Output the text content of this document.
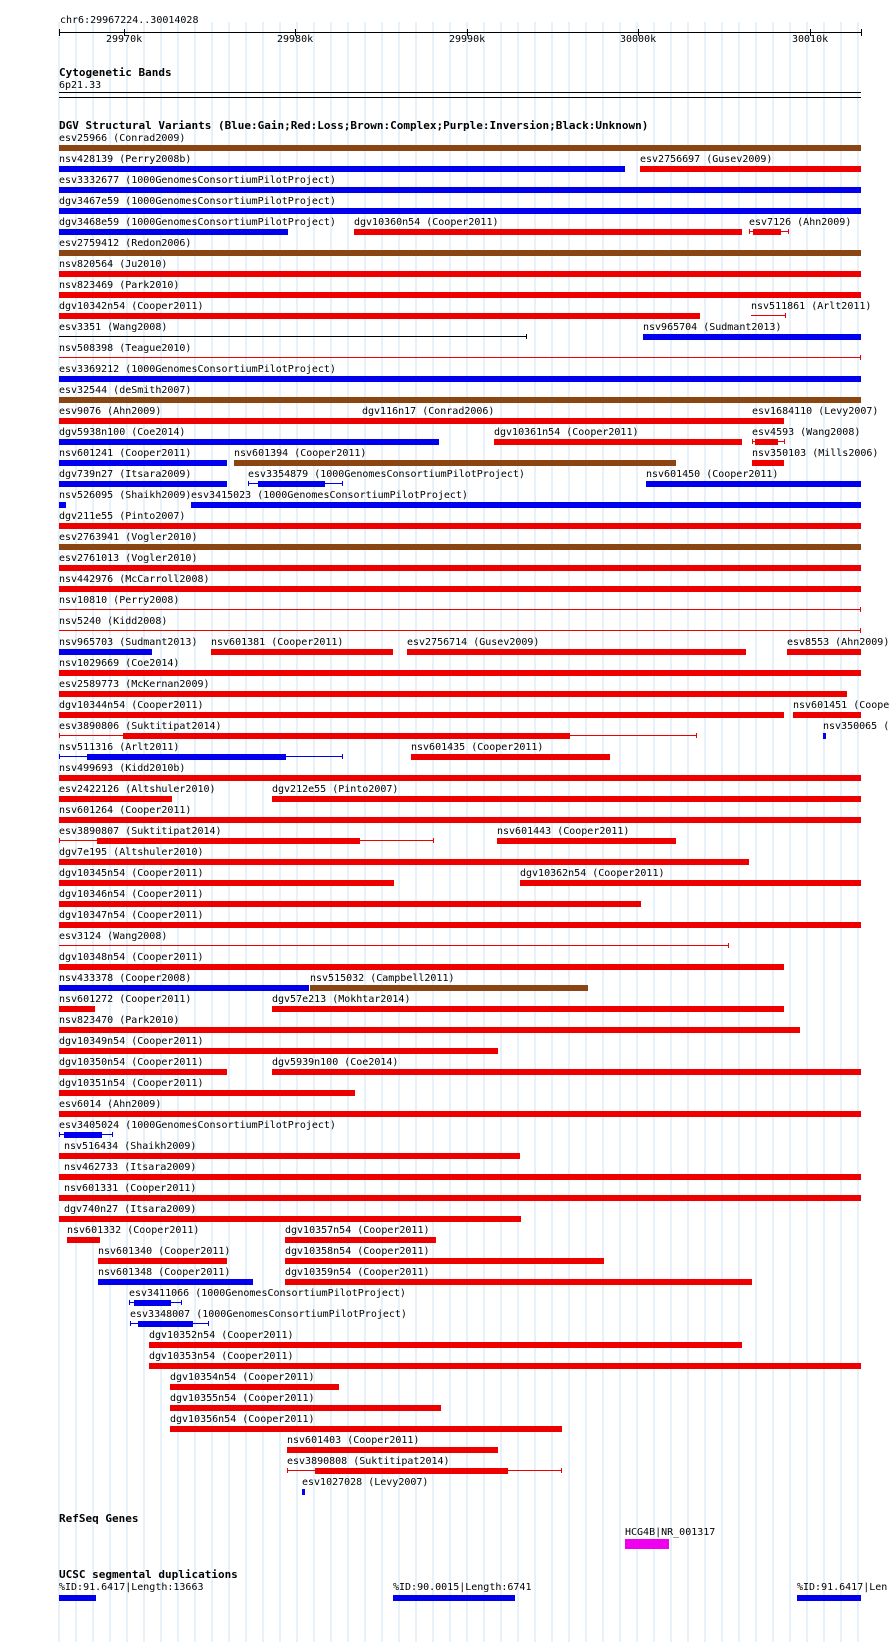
chr6:29967224..30014028
Cytogenetic Bands
6p21.33
DGV Structural Variants (Blue:Gain;Red:Loss;Brown:Complex;Purple:Inversion;Black:Unknown)
RefSeq Genes
HCG4B|NR_001317
UCSC segmental duplications
29970k	29980k	29990k	30000k	30010k
esv25966 (Conrad2009)
nsv428139 (Perry2008b)	esv2756697 (Gusev2009)
esv3332677 (1000GenomesConsortiumPilotProject)
dgv3467e59 (1000GenomesConsortiumPilotProject)
dgv3468e59 (1000GenomesConsortiumPilotProject) dgv10360n54 (Cooper2011)	esv7126 (Ahn2009)
esv2759412 (Redon2006)
nsv820564 (Ju2010)
nsv823469 (Park2010)
dgv10342n54 (Cooper2011)	nsv511861 (Arlt2011)
esv3351 (Wang2008)	nsv965704 (Sudmant2013)
nsv508398 (Teague2010)
esv3369212 (1000GenomesConsortiumPilotProject)
esv32544 (deSmith2007)
esv9076 (Ahn2009)	dgv116n17 (Conrad2006)	esv1684110 (Levy2007)
dgv5938n100 (Coe2014)	dgv10361n54 (Cooper2011)	esv4593 (Wang2008)
nsv601241 (Cooper2011)	nsv601394 (Cooper2011)	nsv350103 (Mills2006)
dgv739n27 (Itsara2009)	esv3354879 (1000GenomesConsortiumPilotProject)	nsv601450 (Cooper2011)
nsv526095 (Shaikh2009) esv3415023 (1000GenomesConsortiumPilotProject)
dgv211e55 (Pinto2007)
esv2763941 (Vogler2010)
esv2761013 (Vogler2010)
nsv442976 (McCarroll2008)
nsv10810 (Perry2008)
nsv5240 (Kidd2008)
nsv965703 (Sudmant2013) nsv601381 (Cooper2011)	esv2756714 (Gusev2009)	esv8553 (Ahn2009)
nsv1029669 (Coe2014)
esv2589773 (McKernan2009)
dgv10344n54 (Cooper2011)	nsv601451 (Coope
esv3890806 (Suktitipat2014)	nsv350065 (
nsv511316 (Arlt2011)	nsv601435 (Cooper2011)
nsv499693 (Kidd2010b)
esv2422126 (Altshuler2010)	dgv212e55 (Pinto2007)
nsv601264 (Cooper2011)
esv3890807 (Suktitipat2014)	nsv601443 (Cooper2011)
dgv7e195 (Altshuler2010)
dgv10345n54 (Cooper2011)	dgv10362n54 (Cooper2011)
dgv10346n54 (Cooper2011)
dgv10347n54 (Cooper2011)
esv3124 (Wang2008)
dgv10348n54 (Cooper2011)
nsv433378 (Cooper2008)	nsv515032 (Campbell2011)
nsv601272 (Cooper2011)	dgv57e213 (Mokhtar2014)
nsv823470 (Park2010)
dgv10349n54 (Cooper2011)
dgv10350n54 (Cooper2011)	dgv5939n100 (Coe2014)
dgv10351n54 (Cooper2011)
esv6014 (Ahn2009)
esv3405024 (1000GenomesConsortiumPilotProject)
nsv516434 (Shaikh2009)
nsv462733 (Itsara2009)
nsv601331 (Cooper2011)
dgv740n27 (Itsara2009)
nsv601332 (Cooper2011)	dgv10357n54 (Cooper2011)
nsv601340 (Cooper2011)	dgv10358n54 (Cooper2011)
nsv601348 (Cooper2011)	dgv10359n54 (Cooper2011)
esv3411066 (1000GenomesConsortiumPilotProject)
esv3348007 (1000GenomesConsortiumPilotProject)
dgv10352n54 (Cooper2011)
dgv10353n54 (Cooper2011)
dgv10354n54 (Cooper2011)
dgv10355n54 (Cooper2011)
dgv10356n54 (Cooper2011)
nsv601403 (Cooper2011)
esv3890808 (Suktitipat2014)
esv1027028 (Levy2007)
%ID:91.6417|Length:13663	%ID:90.0015|Length:6741	%ID:91.6417|Len
